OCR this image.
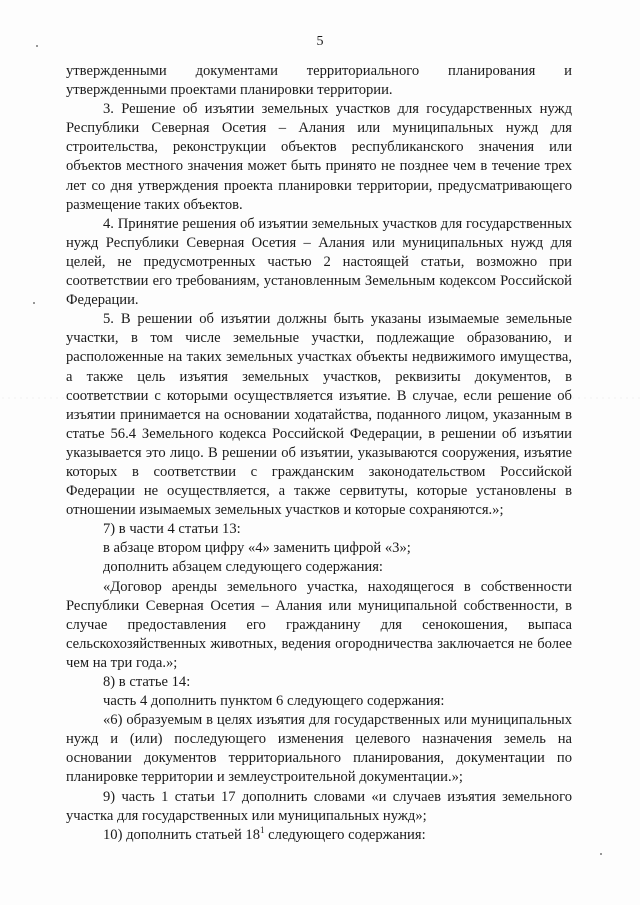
5

утвержденными документами территориального планирования и утвержденными проектами планировки территории.

3. Решение об изъятии земельных участков для государственных нужд Республики Северная Осетия – Алания или муниципальных нужд для строительства, реконструкции объектов республиканского значения или объектов местного значения может быть принято не позднее чем в течение трех лет со дня утверждения проекта планировки территории, предусматривающего размещение таких объектов.

4. Принятие решения об изъятии земельных участков для государственных нужд Республики Северная Осетия – Алания или муниципальных нужд для целей, не предусмотренных частью 2 настоящей статьи, возможно при соответствии его требованиям, установленным Земельным кодексом Российской Федерации.

5. В решении об изъятии должны быть указаны изымаемые земельные участки, в том числе земельные участки, подлежащие образованию, и расположенные на таких земельных участках объекты недвижимого имущества, а также цель изъятия земельных участков, реквизиты документов, в соответствии с которыми осуществляется изъятие. В случае, если решение об изъятии принимается на основании ходатайства, поданного лицом, указанным в статье 56.4 Земельного кодекса Российской Федерации, в решении об изъятии указывается это лицо. В решении об изъятии, указываются сооружения, изъятие которых в соответствии с гражданским законодательством Российской Федерации не осуществляется, а также сервитуты, которые установлены в отношении изымаемых земельных участков и которые сохраняются.»;

7) в части 4 статьи 13:

в абзаце втором цифру «4» заменить цифрой «3»;

дополнить абзацем следующего содержания:

«Договор аренды земельного участка, находящегося в собственности Республики Северная Осетия – Алания или муниципальной собственности, в случае предоставления его гражданину для сенокошения, выпаса сельскохозяйственных животных, ведения огородничества заключается не более чем на три года.»;

8) в статье 14:

часть 4 дополнить пунктом 6 следующего содержания:

«6) образуемым в целях изъятия для государственных или муниципальных нужд и (или) последующего изменения целевого назначения земель на основании документов территориального планирования, документации по планировке территории и землеустроительной документации.»;

9) часть 1 статьи 17 дополнить словами «и случаев изъятия земельного участка для государственных или муниципальных нужд»;

10) дополнить статьей $18^1$ следующего содержания:
